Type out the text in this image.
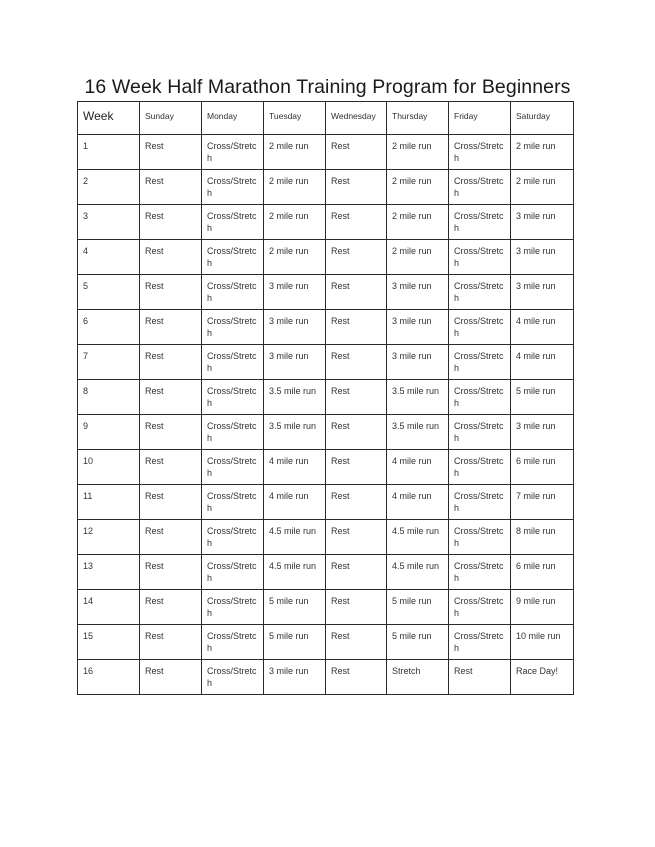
16 Week Half Marathon Training Program for Beginners
Week	Sunday	Monday	Tuesday	Wednesday	Thursday	Friday	Saturday
1	Rest	Cross/Stretch	2 mile run	Rest	2 mile run	Cross/Stretch	2 mile run
2	Rest	Cross/Stretch	2 mile run	Rest	2 mile run	Cross/Stretch	2 mile run
3	Rest	Cross/Stretch	2 mile run	Rest	2 mile run	Cross/Stretch	3 mile run
4	Rest	Cross/Stretch	2 mile run	Rest	2 mile run	Cross/Stretch	3 mile run
5	Rest	Cross/Stretch	3 mile run	Rest	3 mile run	Cross/Stretch	3 mile run
6	Rest	Cross/Stretch	3 mile run	Rest	3 mile run	Cross/Stretch	4 mile run
7	Rest	Cross/Stretch	3 mile run	Rest	3 mile run	Cross/Stretch	4 mile run
8	Rest	Cross/Stretch	3.5 mile run	Rest	3.5 mile run	Cross/Stretch	5 mile run
9	Rest	Cross/Stretch	3.5 mile run	Rest	3.5 mile run	Cross/Stretch	3 mile run
10	Rest	Cross/Stretch	4 mile run	Rest	4 mile run	Cross/Stretch	6 mile run
11	Rest	Cross/Stretch	4 mile run	Rest	4 mile run	Cross/Stretch	7 mile run
12	Rest	Cross/Stretch	4.5 mile run	Rest	4.5 mile run	Cross/Stretch	8 mile run
13	Rest	Cross/Stretch	4.5 mile run	Rest	4.5 mile run	Cross/Stretch	6 mile run
14	Rest	Cross/Stretch	5 mile run	Rest	5 mile run	Cross/Stretch	9 mile run
15	Rest	Cross/Stretch	5 mile run	Rest	5 mile run	Cross/Stretch	10 mile run
16	Rest	Cross/Stretch	3 mile run	Rest	Stretch	Rest	Race Day!
